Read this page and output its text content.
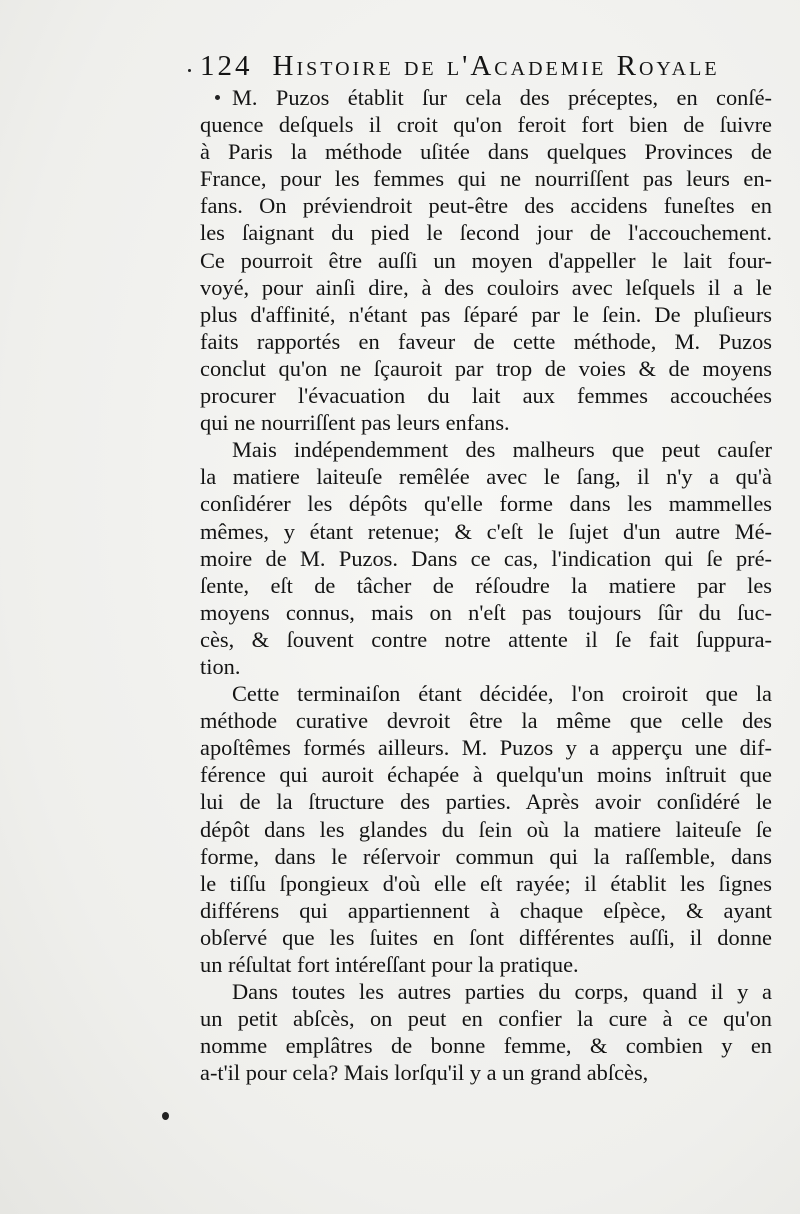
124 Histoire de l'Academie Royale
M. Puzos établit ſur cela des préceptes, en conſé-
quence deſquels il croit qu'on feroit fort bien de ſuivre
à Paris la méthode uſitée dans quelques Provinces de
France, pour les femmes qui ne nourriſſent pas leurs en-
fans. On préviendroit peut-être des accidens funeſtes en
les ſaignant du pied le ſecond jour de l'accouchement.
Ce pourroit être auſſi un moyen d'appeller le lait four-
voyé, pour ainſi dire, à des couloirs avec leſquels il a le
plus d'affinité, n'étant pas ſéparé par le ſein. De pluſieurs
faits rapportés en faveur de cette méthode, M. Puzos
conclut qu'on ne ſçauroit par trop de voies & de moyens
procurer l'évacuation du lait aux femmes accouchées
qui ne nourriſſent pas leurs enfans.
Mais indépendemment des malheurs que peut cauſer
la matiere laiteuſe remêlée avec le ſang, il n'y a qu'à
conſidérer les dépôts qu'elle forme dans les mammelles
mêmes, y étant retenue; & c'eſt le ſujet d'un autre Mé-
moire de M. Puzos. Dans ce cas, l'indication qui ſe pré-
ſente, eſt de tâcher de réſoudre la matiere par les
moyens connus, mais on n'eſt pas toujours ſûr du ſuc-
cès, & ſouvent contre notre attente il ſe fait ſuppura-
tion.
Cette terminaiſon étant décidée, l'on croiroit que la
méthode curative devroit être la même que celle des
apoſtêmes formés ailleurs. M. Puzos y a apperçu une dif-
férence qui auroit échapée à quelqu'un moins inſtruit que
lui de la ſtructure des parties. Après avoir conſidéré le
dépôt dans les glandes du ſein où la matiere laiteuſe ſe
forme, dans le réſervoir commun qui la raſſemble, dans
le tiſſu ſpongieux d'où elle eſt rayée; il établit les ſignes
différens qui appartiennent à chaque eſpèce, & ayant
obſervé que les ſuites en ſont différentes auſſi, il donne
un réſultat fort intéreſſant pour la pratique.
Dans toutes les autres parties du corps, quand il y a
un petit abſcès, on peut en confier la cure à ce qu'on
nomme emplâtres de bonne femme, & combien y en
a-t'il pour cela? Mais lorſqu'il y a un grand abſcès,
